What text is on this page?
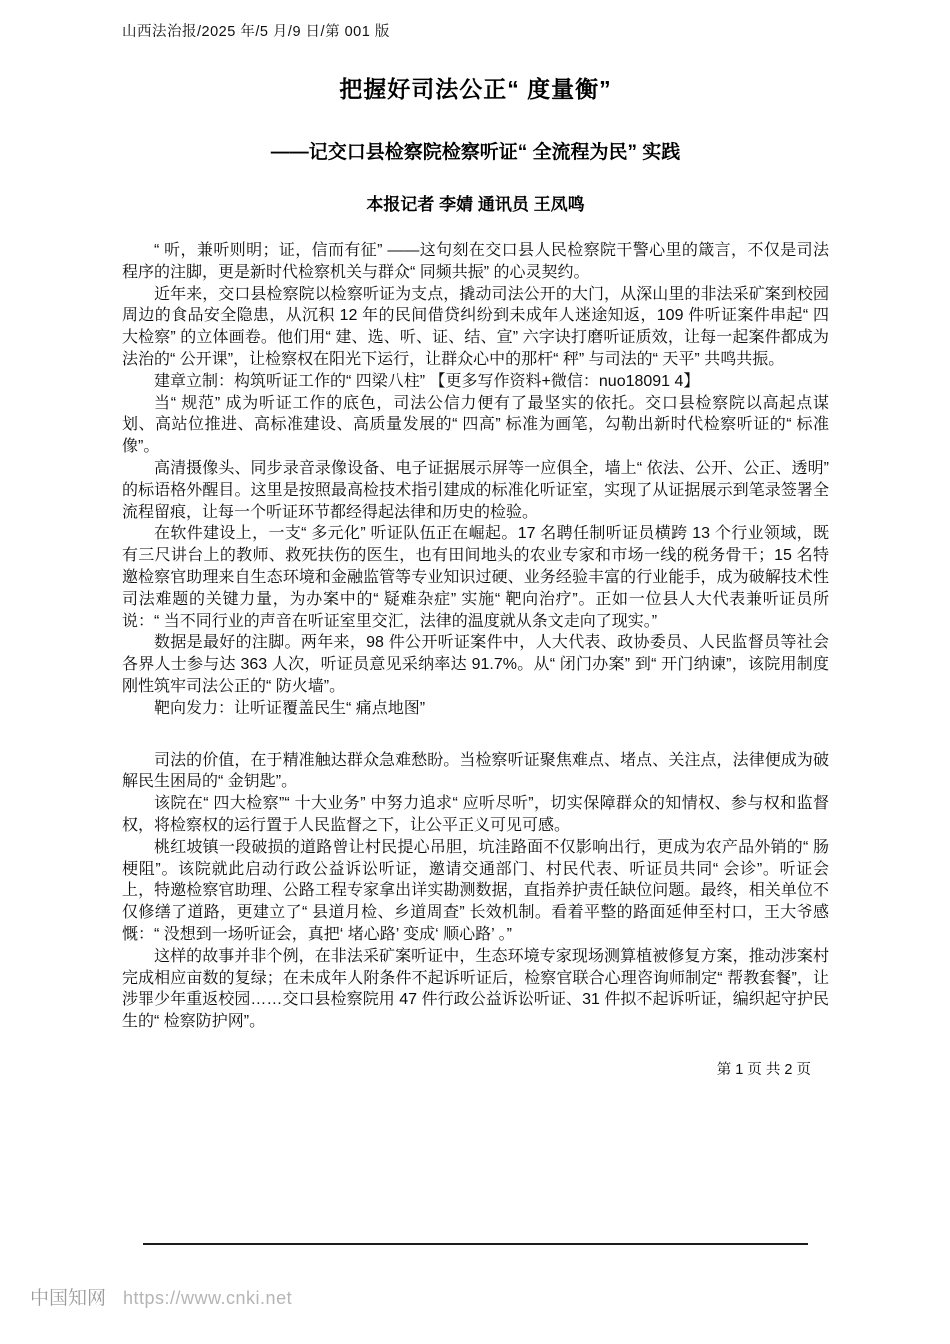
山西法治报/2025 年/5 月/9 日/第 001 版
把握好司法公正“ 度量衡”
——记交口县检察院检察听证“ 全流程为民” 实践
本报记者 李婧 通讯员 王凤鸣

“ 听，兼听则明；证，信而有征” ——这句刻在交口县人民检察院干警心里的箴言，不仅是司法程序的注脚，更是新时代检察机关与群众“ 同频共振” 的心灵契约。

近年来，交口县检察院以检察听证为支点，撬动司法公开的大门，从深山里的非法采矿案到校园周边的食品安全隐患，从沉积 12 年的民间借贷纠纷到未成年人迷途知返，109 件听证案件串起“ 四大检察” 的立体画卷。他们用“ 建、选、听、证、结、宣” 六字诀打磨听证质效，让每一起案件都成为法治的“ 公开课”，让检察权在阳光下运行，让群众心中的那杆“ 秤” 与司法的“ 天平” 共鸣共振。

建章立制：构筑听证工作的“ 四梁八柱” 【更多写作资料+微信：nuo18091 4】

当“ 规范” 成为听证工作的底色，司法公信力便有了最坚实的依托。交口县检察院以高起点谋划、高站位推进、高标准建设、高质量发展的“ 四高” 标准为画笔，勾勒出新时代检察听证的“ 标准像”。

高清摄像头、同步录音录像设备、电子证据展示屏等一应俱全，墙上“ 依法、公开、公正、透明” 的标语格外醒目。这里是按照最高检技术指引建成的标准化听证室，实现了从证据展示到笔录签署全流程留痕，让每一个听证环节都经得起法律和历史的检验。

在软件建设上，一支“ 多元化” 听证队伍正在崛起。17 名聘任制听证员横跨 13 个行业领域，既有三尺讲台上的教师、救死扶伤的医生，也有田间地头的农业专家和市场一线的税务骨干；15 名特邀检察官助理来自生态环境和金融监管等专业知识过硬、业务经验丰富的行业能手，成为破解技术性司法难题的关键力量，为办案中的“ 疑难杂症” 实施“ 靶向治疗”。正如一位县人大代表兼听证员所说：“ 当不同行业的声音在听证室里交汇，法律的温度就从条文走向了现实。”

数据是最好的注脚。两年来，98 件公开听证案件中，人大代表、政协委员、人民监督员等社会各界人士参与达 363 人次，听证员意见采纳率达 91.7%。从“ 闭门办案” 到“ 开门纳谏”，该院用制度刚性筑牢司法公正的“ 防火墙”。

靶向发力：让听证覆盖民生“ 痛点地图”

司法的价值，在于精准触达群众急难愁盼。当检察听证聚焦难点、堵点、关注点，法律便成为破解民生困局的“ 金钥匙”。

该院在“ 四大检察”“ 十大业务” 中努力追求“ 应听尽听”，切实保障群众的知情权、参与权和监督权，将检察权的运行置于人民监督之下，让公平正义可见可感。

桃红坡镇一段破损的道路曾让村民提心吊胆，坑洼路面不仅影响出行，更成为农产品外销的“ 肠梗阻”。该院就此启动行政公益诉讼听证，邀请交通部门、村民代表、听证员共同“ 会诊”。听证会上，特邀检察官助理、公路工程专家拿出详实勘测数据，直指养护责任缺位问题。最终，相关单位不仅修缮了道路，更建立了“ 县道月检、乡道周查” 长效机制。看着平整的路面延伸至村口，王大爷感慨：“ 没想到一场听证会，真把‘ 堵心路’ 变成‘ 顺心路’ 。”

这样的故事并非个例，在非法采矿案听证中，生态环境专家现场测算植被修复方案，推动涉案村完成相应亩数的复绿；在未成年人附条件不起诉听证后，检察官联合心理咨询师制定“ 帮教套餐”，让涉罪少年重返校园……交口县检察院用 47 件行政公益诉讼听证、31 件拟不起诉听证，编织起守护民生的“ 检察防护网”。

第 1 页 共 2 页
中国知网 https://www.cnki.net
